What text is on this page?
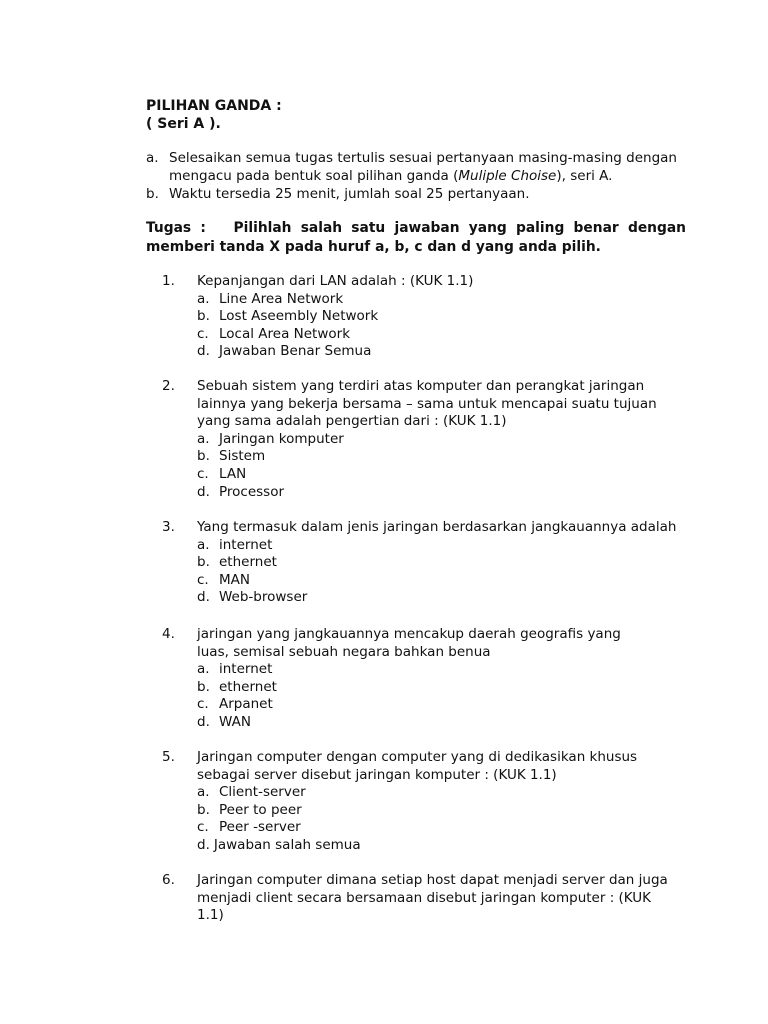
PILIHAN GANDA :
( Seri A ).
a. Selesaikan semua tugas tertulis sesuai pertanyaan masing-masing dengan mengacu pada bentuk soal pilihan ganda (Muliple Choise), seri A.
b. Waktu tersedia 25 menit, jumlah soal 25 pertanyaan.
Tugas : Pilihlah salah satu jawaban yang paling benar dengan memberi tanda X pada huruf a, b, c dan d yang anda pilih.
1. Kepanjangan dari LAN adalah : (KUK 1.1)
a. Line Area Network
b. Lost Aseembly Network
c. Local Area Network
d. Jawaban Benar Semua
2. Sebuah sistem yang terdiri atas komputer dan perangkat jaringan lainnya yang bekerja bersama – sama untuk mencapai suatu tujuan yang sama adalah pengertian dari : (KUK 1.1)
a. Jaringan komputer
b. Sistem
c. LAN
d. Processor
3. Yang termasuk dalam jenis jaringan berdasarkan jangkauannya adalah
a. internet
b. ethernet
c. MAN
d. Web-browser
4. jaringan yang jangkauannya mencakup daerah geografis yang luas, semisal sebuah negara bahkan benua
a. internet
b. ethernet
c. Arpanet
d. WAN
5. Jaringan computer dengan computer yang di dedikasikan khusus sebagai server disebut jaringan komputer : (KUK 1.1)
a. Client-server
b. Peer to peer
c. Peer -server
d. Jawaban salah semua
6. Jaringan computer dimana setiap host dapat menjadi server dan juga menjadi client secara bersamaan disebut jaringan komputer : (KUK 1.1)
